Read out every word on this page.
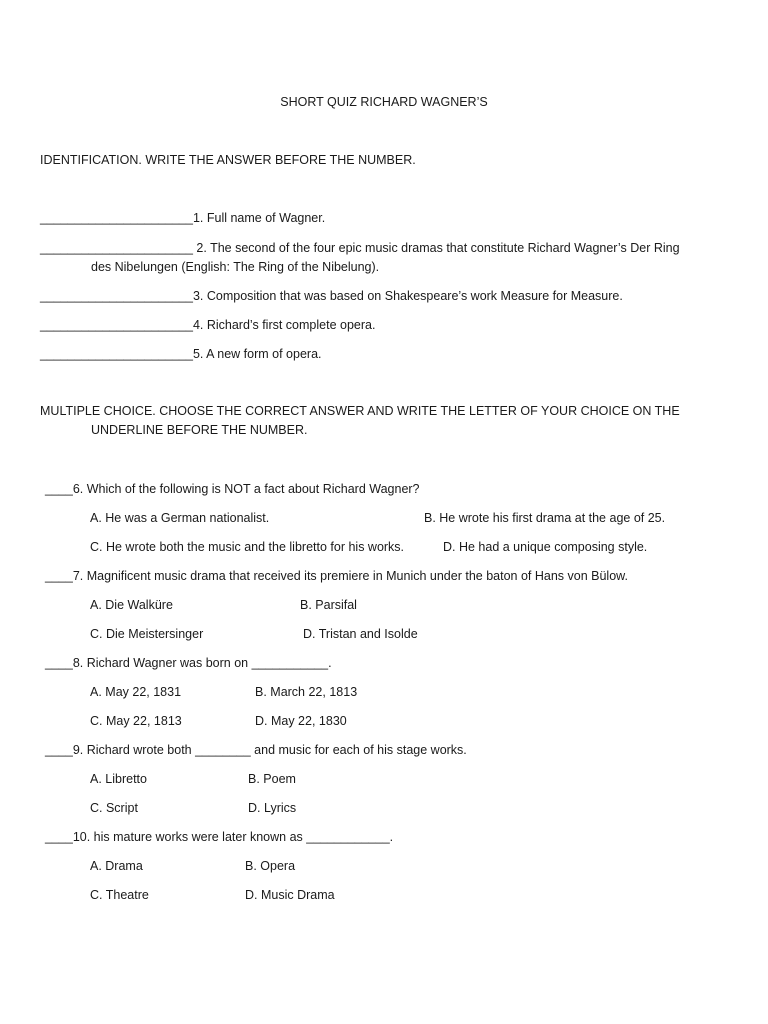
SHORT QUIZ RICHARD WAGNER’S
IDENTIFICATION. WRITE THE ANSWER BEFORE THE NUMBER.
______________________1. Full name of Wagner.
______________________ 2. The second of the four epic music dramas that constitute Richard Wagner’s Der Ring
des Nibelungen (English: The Ring of the Nibelung).
______________________3. Composition that was based on Shakespeare’s work Measure for Measure.
______________________4. Richard’s first complete opera.
______________________5. A new form of opera.
MULTIPLE CHOICE. CHOOSE THE CORRECT ANSWER AND WRITE THE LETTER OF YOUR CHOICE ON THE
UNDERLINE BEFORE THE NUMBER.
____6. Which of the following is NOT a fact about Richard Wagner?
A. He was a German nationalist.	B. He wrote his first drama at the age of 25.
C. He wrote both the music and the libretto for his works.	D. He had a unique composing style.
____7. Magnificent music drama that received its premiere in Munich under the baton of Hans von Bülow.
A. Die Walküre	B. Parsifal
C. Die Meistersinger	D. Tristan and Isolde
____8. Richard Wagner was born on ___________.
A. May 22, 1831	B. March 22, 1813
C. May 22, 1813	D. May 22, 1830
____9. Richard wrote both ________ and music for each of his stage works.
A. Libretto	B. Poem
C. Script	D. Lyrics
____10. his mature works were later known as ____________.
A. Drama	B. Opera
C. Theatre	D. Music Drama
